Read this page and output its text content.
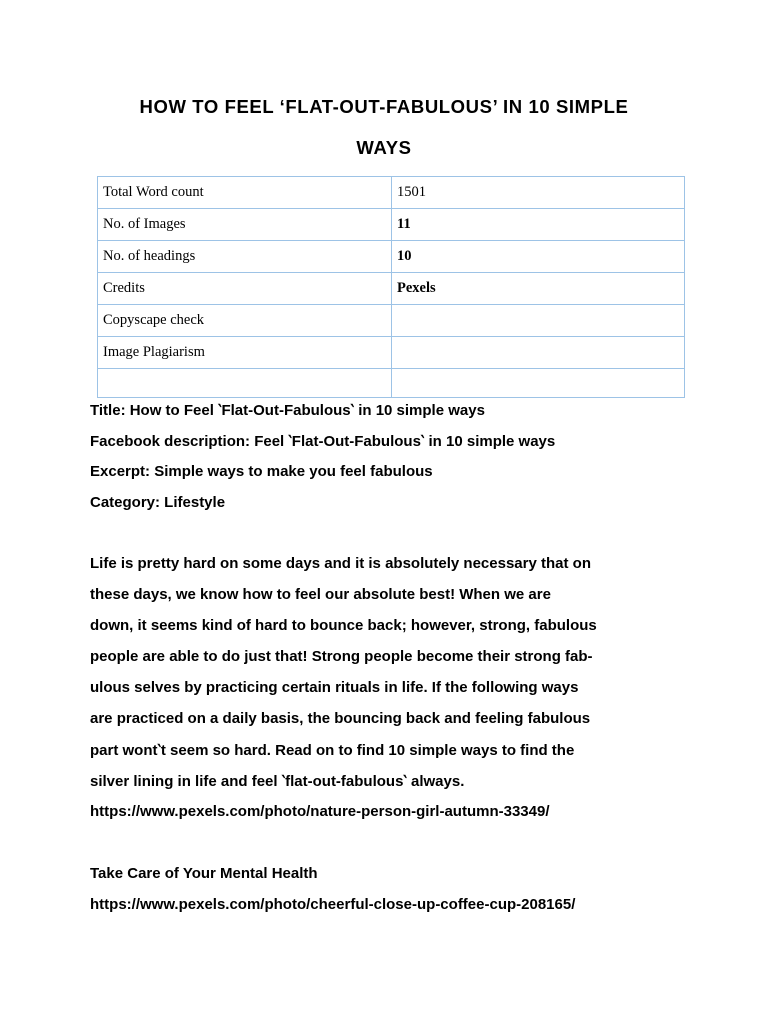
HOW TO FEEL ‘FLAT-OUT-FABULOUS’ IN 10 SIMPLE
WAYS
Total Word count	1501
No. of Images	11
No. of headings	10
Credits	Pexels
Copyscape check	
Image Plagiarism	

Title: How to Feel ‵Flat-Out-Fabulous‵ in 10 simple ways

Facebook description: Feel ‵Flat-Out-Fabulous‵ in 10 simple ways

Excerpt: Simple ways to make you feel fabulous

Category: Lifestyle

Life is pretty hard on some days and it is absolutely necessary that on

these days, we know how to feel our absolute best! When we are

down, it seems kind of hard to bounce back; however, strong, fabulous

people are able to do just that! Strong people become their strong fab-

ulous selves by practicing certain rituals in life. If the following ways

are practiced on a daily basis, the bouncing back and feeling fabulous

part wont‵t seem so hard. Read on to find 10 simple ways to find the

silver lining in life and feel ‵flat-out-fabulous‵ always.

https://www.pexels.com/photo/nature-person-girl-autumn-33349/

Take Care of Your Mental Health

https://www.pexels.com/photo/cheerful-close-up-coffee-cup-208165/
